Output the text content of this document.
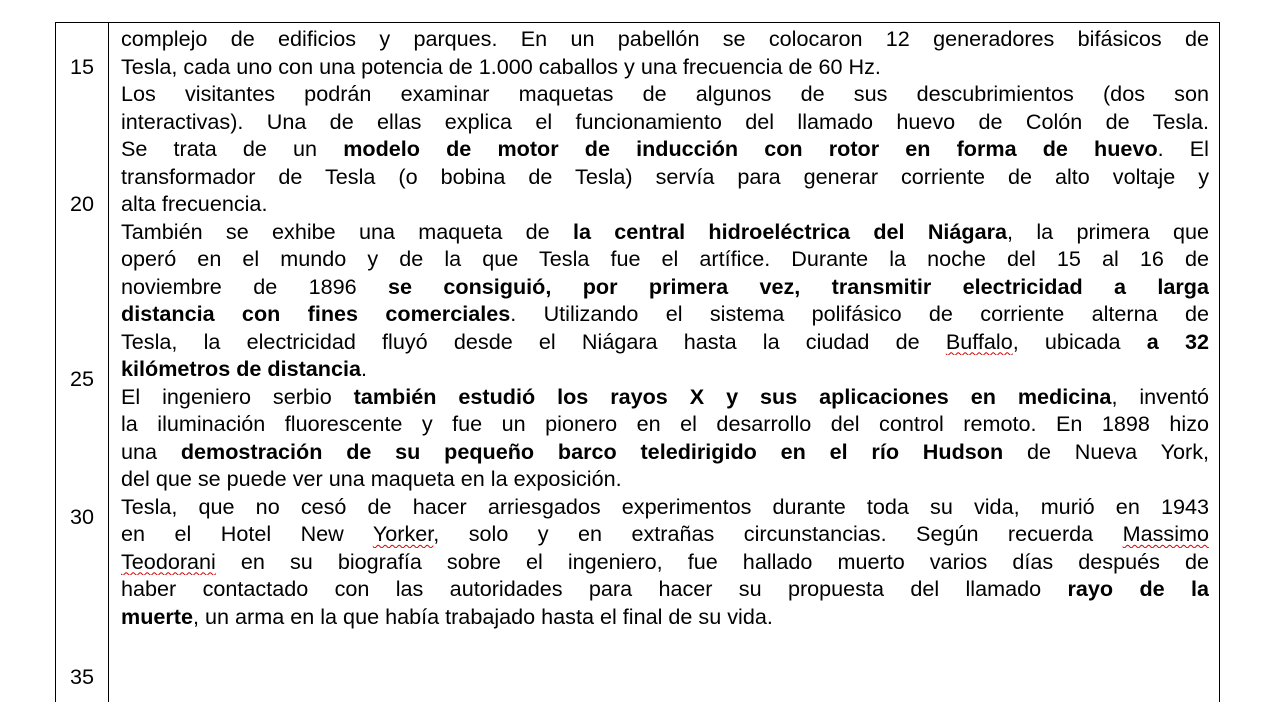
15
20
25
30
35
complejo de edificios y parques. En un pabellón se colocaron 12 generadores bifásicos de
Tesla, cada uno con una potencia de 1.000 caballos y una frecuencia de 60 Hz.
Los visitantes podrán examinar maquetas de algunos de sus descubrimientos (dos son
interactivas). Una de ellas explica el funcionamiento del llamado huevo de Colón de Tesla.
Se trata de un modelo de motor de inducción con rotor en forma de huevo. El
transformador de Tesla (o bobina de Tesla) servía para generar corriente de alto voltaje y
alta frecuencia.
También se exhibe una maqueta de la central hidroeléctrica del Niágara, la primera que
operó en el mundo y de la que Tesla fue el artífice. Durante la noche del 15 al 16 de
noviembre de 1896 se consiguió, por primera vez, transmitir electricidad a larga
distancia con fines comerciales. Utilizando el sistema polifásico de corriente alterna de
Tesla, la electricidad fluyó desde el Niágara hasta la ciudad de Buffalo, ubicada a 32
kilómetros de distancia.
El ingeniero serbio también estudió los rayos X y sus aplicaciones en medicina, inventó
la iluminación fluorescente y fue un pionero en el desarrollo del control remoto. En 1898 hizo
una demostración de su pequeño barco teledirigido en el río Hudson de Nueva York,
del que se puede ver una maqueta en la exposición.
Tesla, que no cesó de hacer arriesgados experimentos durante toda su vida, murió en 1943
en el Hotel New Yorker, solo y en extrañas circunstancias. Según recuerda Massimo
Teodorani en su biografía sobre el ingeniero, fue hallado muerto varios días después de
haber contactado con las autoridades para hacer su propuesta del llamado rayo de la
muerte, un arma en la que había trabajado hasta el final de su vida.
